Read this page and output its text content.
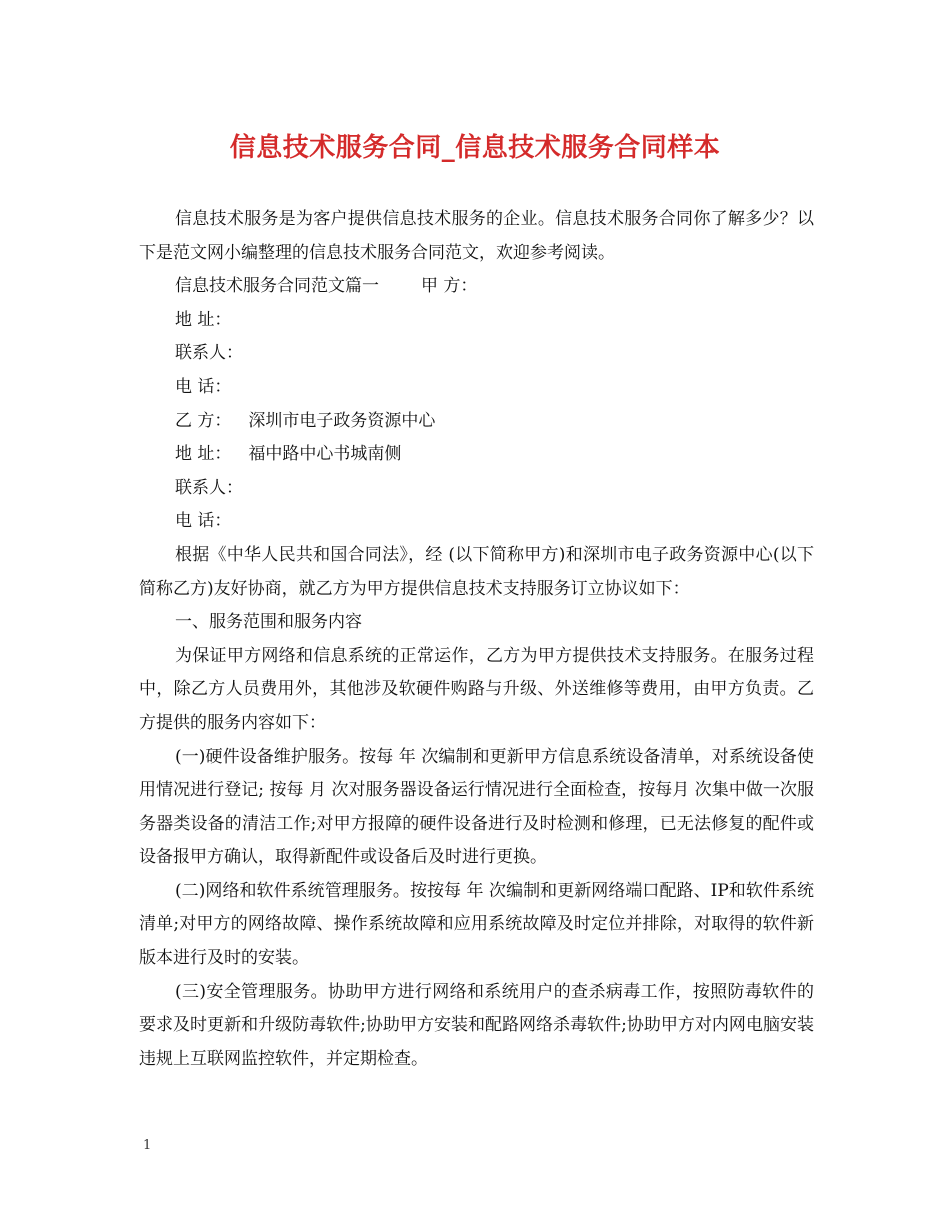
信息技术服务合同_信息技术服务合同样本

信息技术服务是为客户提供信息技术服务的企业。信息技术服务合同你了解多少？以下是范文网小编整理的信息技术服务合同范文，欢迎参考阅读。

信息技术服务合同范文篇一 甲 方：

地 址：

联系人：

电 话：

乙 方： 深圳市电子政务资源中心

地 址： 福中路中心书城南侧

联系人：

电 话：

根据《中华人民共和国合同法》，经 (以下简称甲方)和深圳市电子政务资源中心(以下简称乙方)友好协商，就乙方为甲方提供信息技术支持服务订立协议如下：

一、服务范围和服务内容

为保证甲方网络和信息系统的正常运作，乙方为甲方提供技术支持服务。在服务过程中，除乙方人员费用外，其他涉及软硬件购路与升级、外送维修等费用，由甲方负责。乙方提供的服务内容如下：

(一)硬件设备维护服务。按每 年 次编制和更新甲方信息系统设备清单，对系统设备使用情况进行登记; 按每 月 次对服务器设备运行情况进行全面检查，按每月 次集中做一次服务器类设备的清洁工作;对甲方报障的硬件设备进行及时检测和修理，已无法修复的配件或设备报甲方确认，取得新配件或设备后及时进行更换。

(二)网络和软件系统管理服务。按按每 年 次编制和更新网络端口配路、IP和软件系统清单;对甲方的网络故障、操作系统故障和应用系统故障及时定位并排除，对取得的软件新版本进行及时的安装。

(三)安全管理服务。协助甲方进行网络和系统用户的查杀病毒工作，按照防毒软件的要求及时更新和升级防毒软件;协助甲方安装和配路网络杀毒软件;协助甲方对内网电脑安装违规上互联网监控软件，并定期检查。

1
